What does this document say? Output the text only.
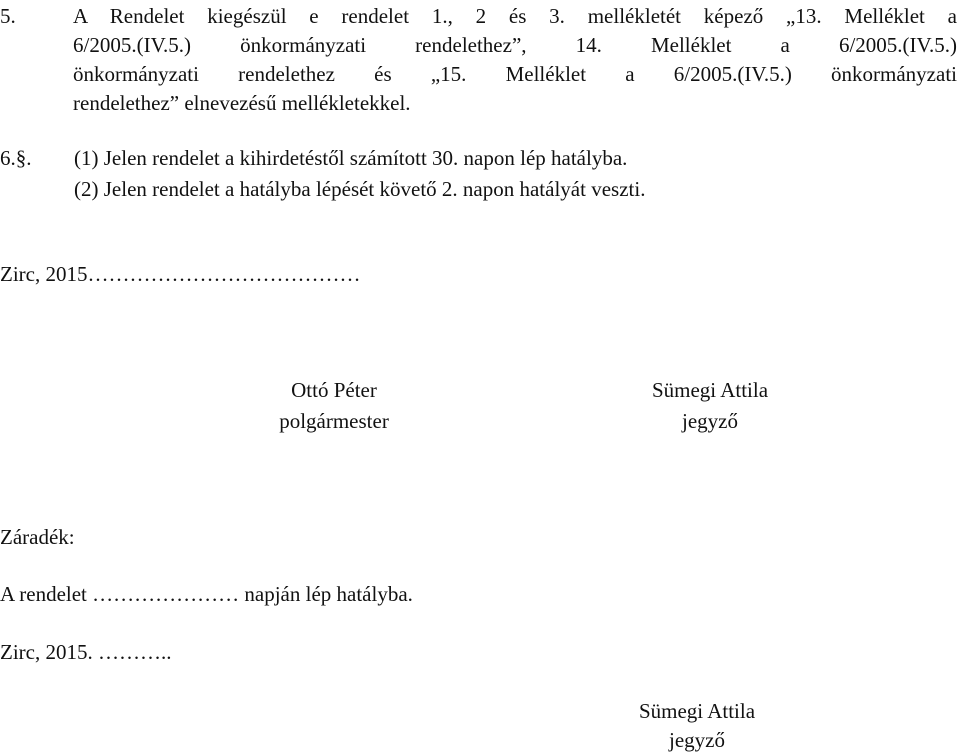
5.	A Rendelet kiegészül e rendelet 1., 2 és 3. mellékletét képező „13. Melléklet a
6/2005.(IV.5.) önkormányzati rendelethez”, 14. Melléklet a 6/2005.(IV.5.)
önkormányzati rendelethez és „15. Melléklet a 6/2005.(IV.5.) önkormányzati
rendelethez” elnevezésű mellékletekkel.
6.§. (1) Jelen rendelet a kihirdetéstől számított 30. napon lép hatályba.
(2) Jelen rendelet a hatályba lépését követő 2. napon hatályát veszti.
Zirc, 2015…………………………………
Ottó Péter
polgármester
Sümegi Attila
jegyző
Záradék:
A rendelet ………………… napján lép hatályba.
Zirc, 2015. ………..
Sümegi Attila
jegyző
